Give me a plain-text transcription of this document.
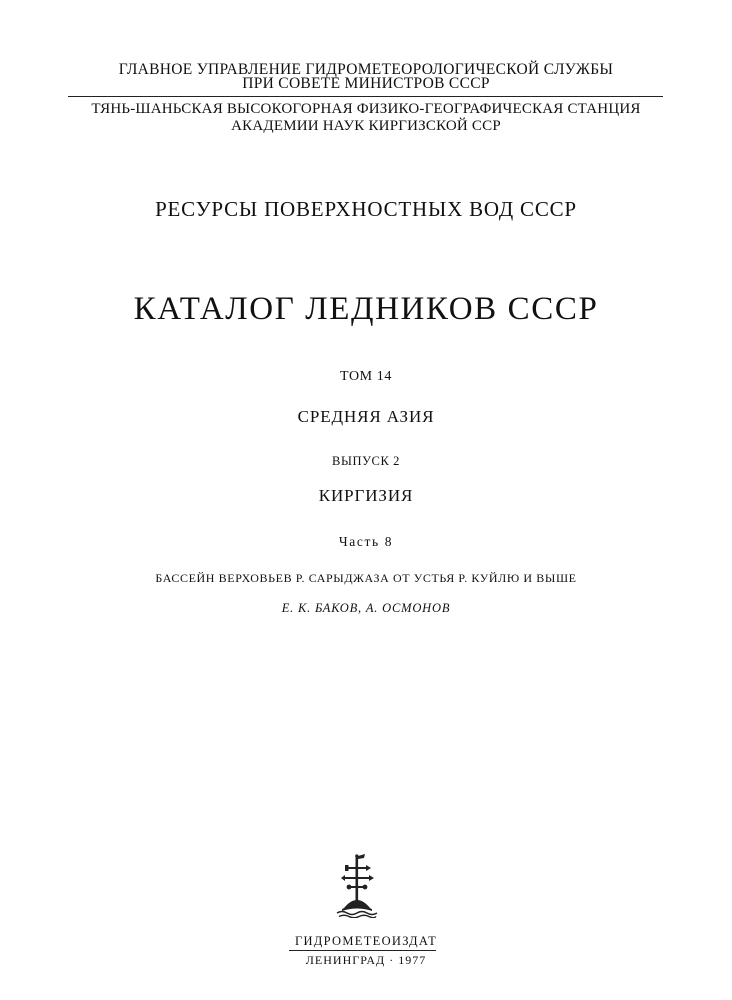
ГЛАВНОЕ УПРАВЛЕНИЕ ГИДРОМЕТЕОРОЛОГИЧЕСКОЙ СЛУЖБЫ
ПРИ СОВЕТЕ МИНИСТРОВ СССР
ТЯНЬ-ШАНЬСКАЯ ВЫСОКОГОРНАЯ ФИЗИКО-ГЕОГРАФИЧЕСКАЯ СТАНЦИЯ
АКАДЕМИИ НАУК КИРГИЗСКОЙ ССР
РЕСУРСЫ ПОВЕРХНОСТНЫХ ВОД СССР
КАТАЛОГ ЛЕДНИКОВ СССР
ТОМ 14
СРЕДНЯЯ АЗИЯ
ВЫПУСК 2
КИРГИЗИЯ
Часть 8
БАССЕЙН ВЕРХОВЬЕВ Р. САРЫДЖАЗА ОТ УСТЬЯ Р. КУЙЛЮ И ВЫШЕ
Е. К. БАКОВ, А. ОСМОНОВ
ГИДРОМЕТЕОИЗДАТ
ЛЕНИНГРАД · 1977
